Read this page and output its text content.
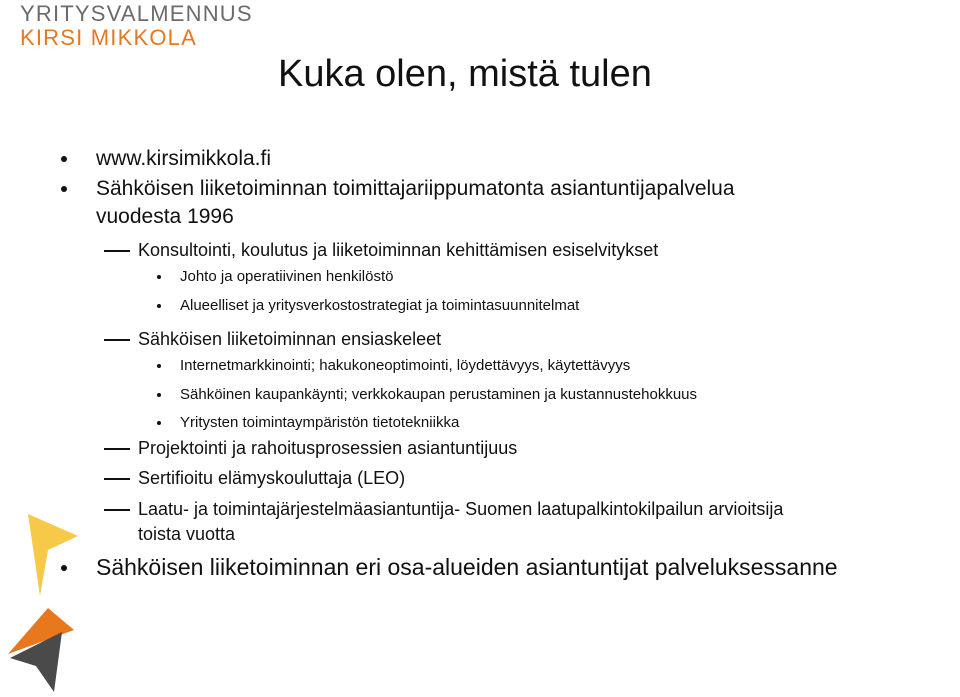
YRITYSVALMENNUS
KIRSI MIKKOLA
Kuka olen, mistä tulen
www.kirsimikkola.fi
Sähköisen liiketoiminnan toimittajariippumatonta asiantuntijapalvelua
vuodesta 1996
Konsultointi, koulutus ja liiketoiminnan kehittämisen esiselvitykset
Johto ja operatiivinen henkilöstö
Alueelliset ja yritysverkostostrategiat ja toimintasuunnitelmat
Sähköisen liiketoiminnan ensiaskeleet
Internetmarkkinointi; hakukoneoptimointi, löydettävyys, käytettävyys
Sähköinen kaupankäynti; verkkokaupan perustaminen ja kustannustehokkuus
Yritysten toimintaympäristön tietotekniikka
Projektointi ja rahoitusprosessien asiantuntijuus
Sertifioitu elämyskouluttaja (LEO)
Laatu- ja toimintajärjestelmäasiantuntija- Suomen laatupalkintokilpailun arvioitsija
toista vuotta
Sähköisen liiketoiminnan eri osa-alueiden asiantuntijat palveluksessanne
